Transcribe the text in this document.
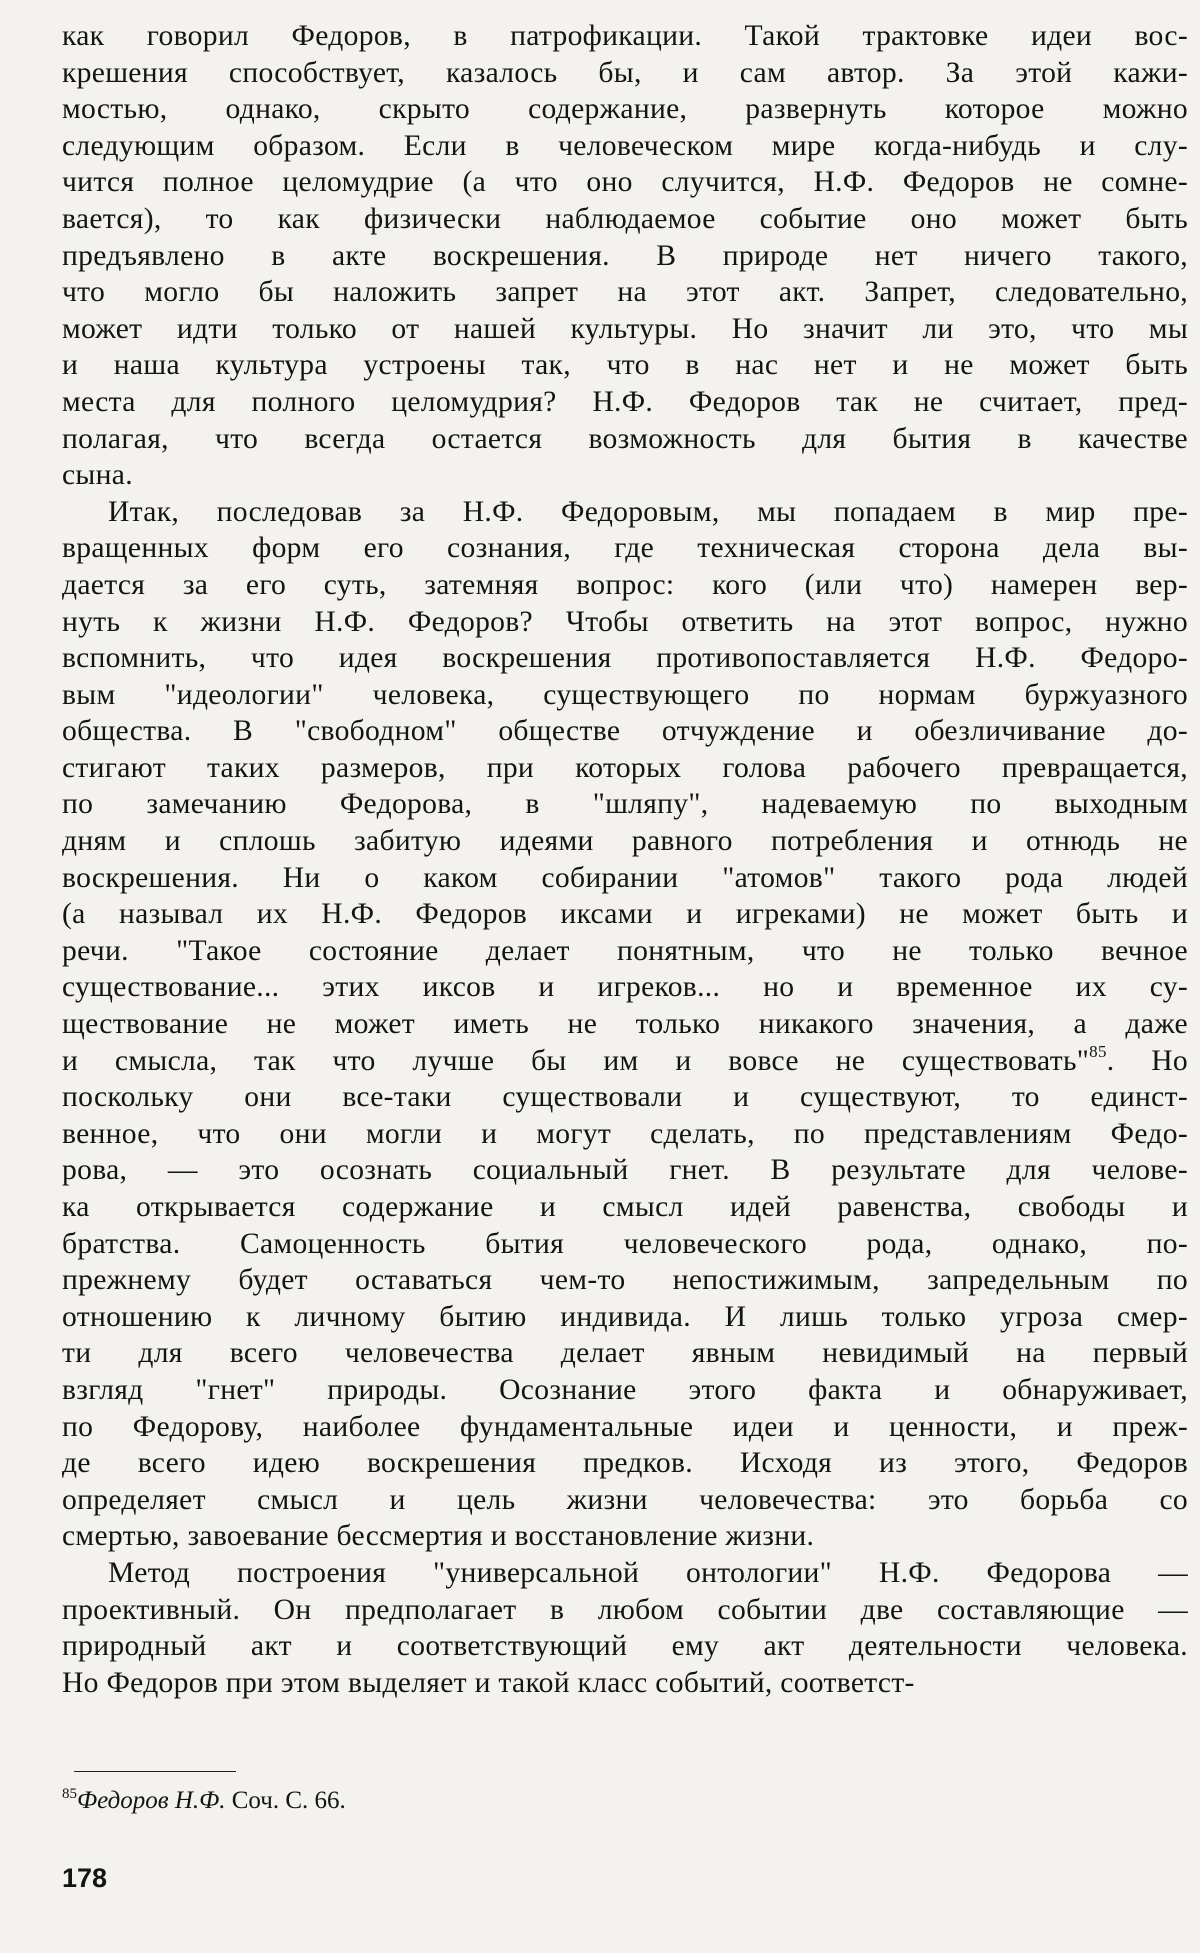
как говорил Федоров, в патрофикации. Такой трактовке идеи вос-
крешения способствует, казалось бы, и сам автор. За этой кажи-
мостью, однако, скрыто содержание, развернуть которое можно
следующим образом. Если в человеческом мире когда-нибудь и слу-
чится полное целомудрие (а что оно случится, Н.Ф. Федоров не сомне-
вается), то как физически наблюдаемое событие оно может быть
предъявлено в акте воскрешения. В природе нет ничего такого,
что могло бы наложить запрет на этот акт. Запрет, следовательно,
может идти только от нашей культуры. Но значит ли это, что мы
и наша культура устроены так, что в нас нет и не может быть
места для полного целомудрия? Н.Ф. Федоров так не считает, пред-
полагая, что всегда остается возможность для бытия в качестве
сына.
Итак, последовав за Н.Ф. Федоровым, мы попадаем в мир пре-
вращенных форм его сознания, где техническая сторона дела вы-
дается за его суть, затемняя вопрос: кого (или что) намерен вер-
нуть к жизни Н.Ф. Федоров? Чтобы ответить на этот вопрос, нужно
вспомнить, что идея воскрешения противопоставляется Н.Ф. Федоро-
вым "идеологии" человека, существующего по нормам буржуазного
общества. В "свободном" обществе отчуждение и обезличивание до-
стигают таких размеров, при которых голова рабочего превращается,
по замечанию Федорова, в "шляпу", надеваемую по выходным
дням и сплошь забитую идеями равного потребления и отнюдь не
воскрешения. Ни о каком собирании "атомов" такого рода людей
(а называл их Н.Ф. Федоров иксами и игреками) не может быть и
речи. "Такое состояние делает понятным, что не только вечное
существование... этих иксов и игреков... но и временное их су-
ществование не может иметь не только никакого значения, а даже
и смысла, так что лучше бы им и вовсе не существовать"$^{85}$. Но
поскольку они все-таки существовали и существуют, то единст-
венное, что они могли и могут сделать, по представлениям Федо-
рова, — это осознать социальный гнет. В результате для челове-
ка открывается содержание и смысл идей равенства, свободы и
братства. Самоценность бытия человеческого рода, однако, по-
прежнему будет оставаться чем-то непостижимым, запредельным по
отношению к личному бытию индивида. И лишь только угроза смер-
ти для всего человечества делает явным невидимый на первый
взгляд "гнет" природы. Осознание этого факта и обнаруживает,
по Федорову, наиболее фундаментальные идеи и ценности, и преж-
де всего идею воскрешения предков. Исходя из этого, Федоров
определяет смысл и цель жизни человечества: это борьба со
смертью, завоевание бессмертия и восстановление жизни.
Метод построения "универсальной онтологии" Н.Ф. Федорова —
проективный. Он предполагает в любом событии две составляющие —
природный акт и соответствующий ему акт деятельности человека.
Но Федоров при этом выделяет и такой класс событий, соответст-
$^{85}$Федоров Н.Ф. Соч. С. 66.
178
